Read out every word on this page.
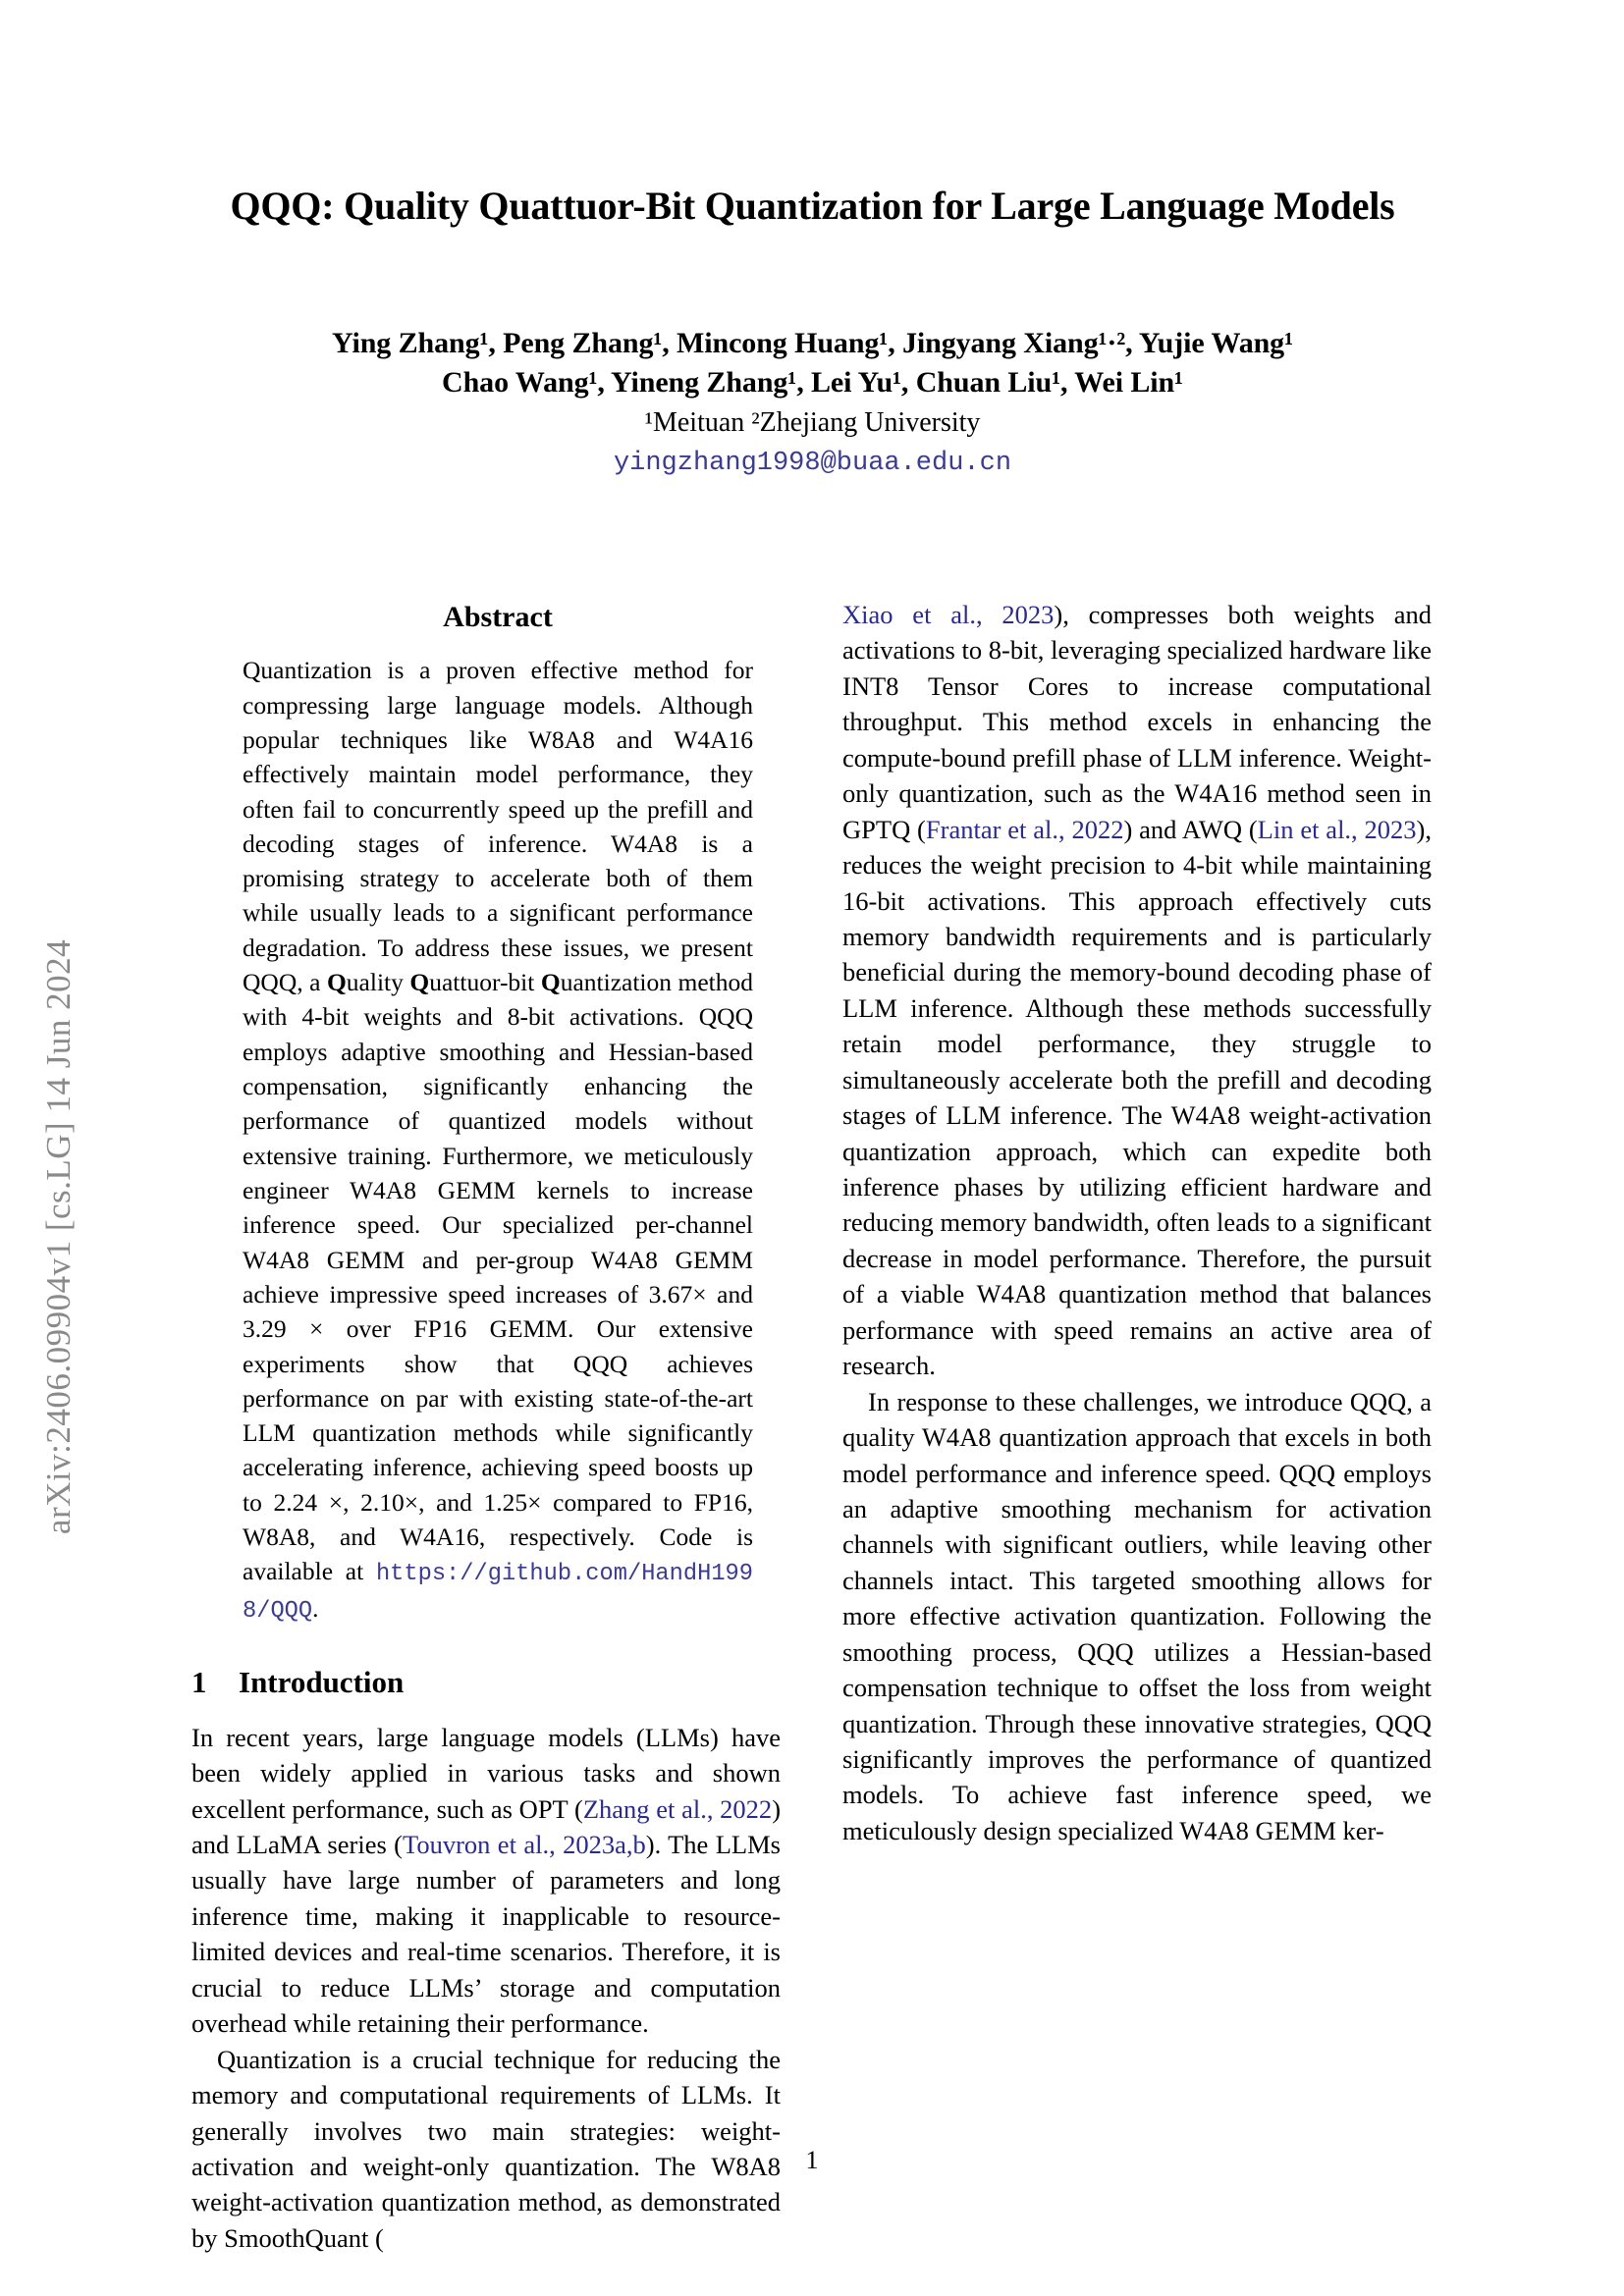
arXiv:2406.09904v1 [cs.LG] 14 Jun 2024
QQQ: Quality Quattuor-Bit Quantization for Large Language Models

Ying Zhang¹, Peng Zhang¹, Mincong Huang¹, Jingyang Xiang¹·², Yujie Wang¹

Chao Wang¹, Yineng Zhang¹, Lei Yu¹, Chuan Liu¹, Wei Lin¹

¹Meituan ²Zhejiang University

yingzhang1998@buaa.edu.cn

Abstract

Quantization is a proven effective method for compressing large language models. Although popular techniques like W8A8 and W4A16 effectively maintain model performance, they often fail to concurrently speed up the prefill and decoding stages of inference. W4A8 is a promising strategy to accelerate both of them while usually leads to a significant performance degradation. To address these issues, we present QQQ, a Quality Quattuor-bit Quantization method with 4-bit weights and 8-bit activations. QQQ employs adaptive smoothing and Hessian-based compensation, significantly enhancing the performance of quantized models without extensive training. Furthermore, we meticulously engineer W4A8 GEMM kernels to increase inference speed. Our specialized per-channel W4A8 GEMM and per-group W4A8 GEMM achieve impressive speed increases of 3.67× and 3.29 × over FP16 GEMM. Our extensive experiments show that QQQ achieves performance on par with existing state-of-the-art LLM quantization methods while significantly accelerating inference, achieving speed boosts up to 2.24 ×, 2.10×, and 1.25× compared to FP16, W8A8, and W4A16, respectively. Code is available at https://github.com/HandH1998/QQQ.

1 Introduction

In recent years, large language models (LLMs) have been widely applied in various tasks and shown excellent performance, such as OPT (Zhang et al., 2022) and LLaMA series (Touvron et al., 2023a,b). The LLMs usually have large number of parameters and long inference time, making it inapplicable to resource-limited devices and real-time scenarios. Therefore, it is crucial to reduce LLMs’ storage and computation overhead while retaining their performance.

Quantization is a crucial technique for reducing the memory and computational requirements of LLMs. It generally involves two main strategies: weight-activation and weight-only quantization. The W8A8 weight-activation quantization method, as demonstrated by SmoothQuant (

Xiao et al., 2023), compresses both weights and activations to 8-bit, leveraging specialized hardware like INT8 Tensor Cores to increase computational throughput. This method excels in enhancing the compute-bound prefill phase of LLM inference. Weight-only quantization, such as the W4A16 method seen in GPTQ (Frantar et al., 2022) and AWQ (Lin et al., 2023), reduces the weight precision to 4-bit while maintaining 16-bit activations. This approach effectively cuts memory bandwidth requirements and is particularly beneficial during the memory-bound decoding phase of LLM inference. Although these methods successfully retain model performance, they struggle to simultaneously accelerate both the prefill and decoding stages of LLM inference. The W4A8 weight-activation quantization approach, which can expedite both inference phases by utilizing efficient hardware and reducing memory bandwidth, often leads to a significant decrease in model performance. Therefore, the pursuit of a viable W4A8 quantization method that balances performance with speed remains an active area of research.

In response to these challenges, we introduce QQQ, a quality W4A8 quantization approach that excels in both model performance and inference speed. QQQ employs an adaptive smoothing mechanism for activation channels with significant outliers, while leaving other channels intact. This targeted smoothing allows for more effective activation quantization. Following the smoothing process, QQQ utilizes a Hessian-based compensation technique to offset the loss from weight quantization. Through these innovative strategies, QQQ significantly improves the performance of quantized models. To achieve fast inference speed, we meticulously design specialized W4A8 GEMM ker-

1
